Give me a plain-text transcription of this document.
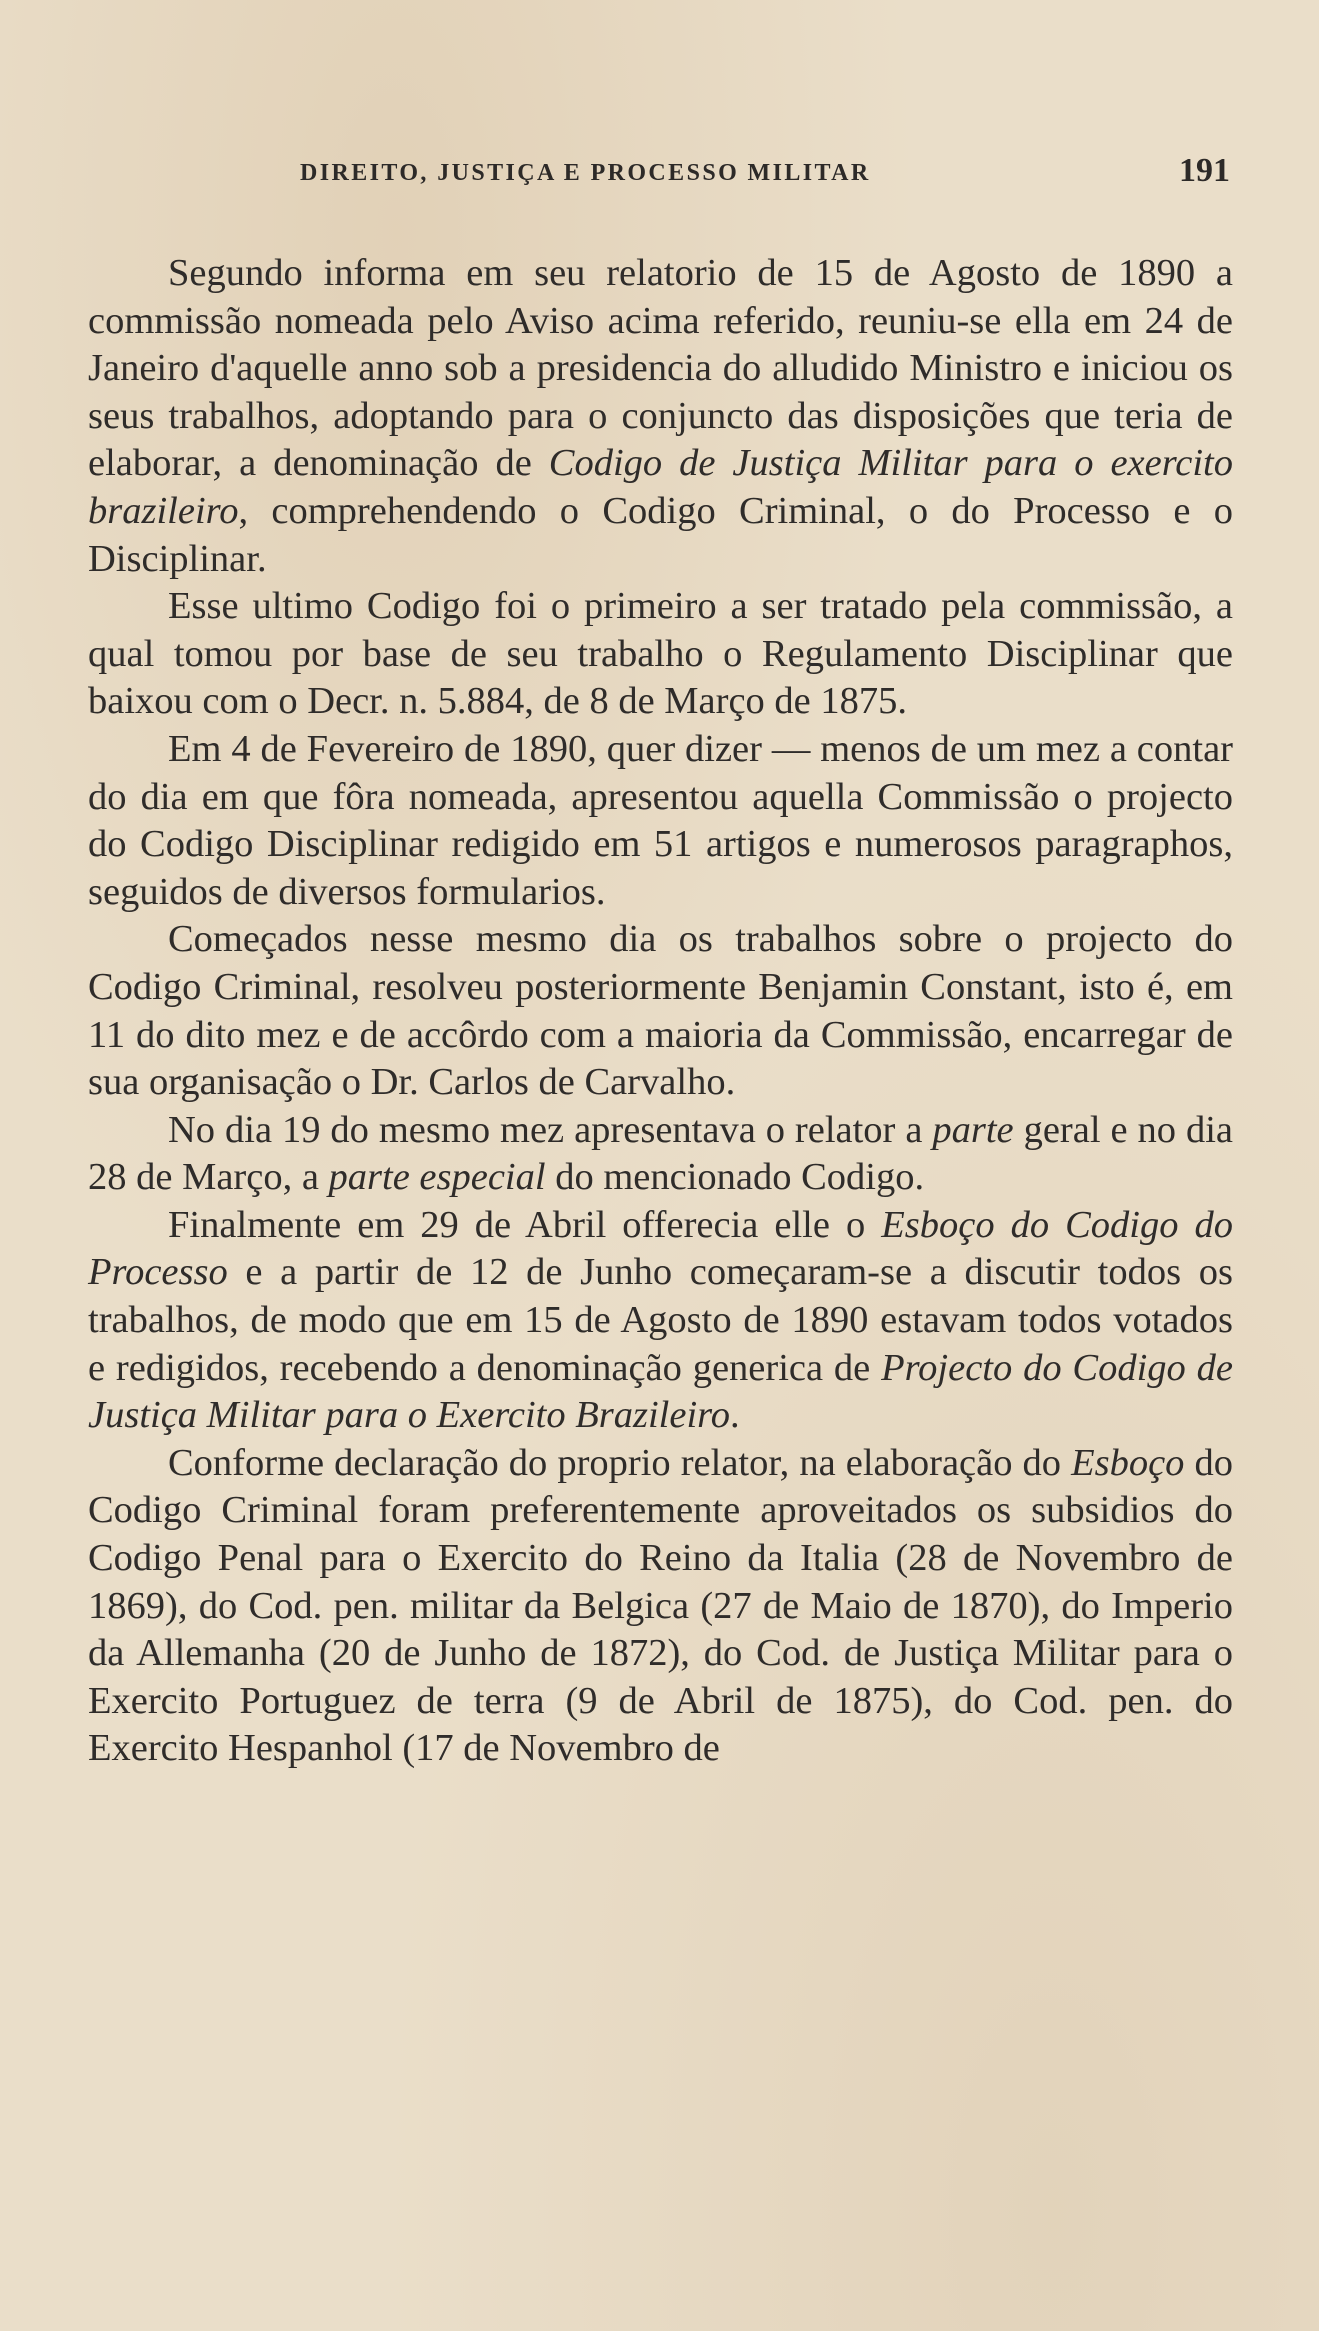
DIREITO, JUSTIÇA E PROCESSO MILITAR	191

Segundo informa em seu relatorio de 15 de Agosto de 1890 a commissão nomeada pelo Aviso acima referido, reuniu-se ella em 24 de Janeiro d'aquelle anno sob a presidencia do alludido Ministro e iniciou os seus trabalhos, adoptando para o conjuncto das disposições que teria de elaborar, a denominação de Codigo de Justiça Militar para o exercito brazileiro, comprehendendo o Codigo Criminal, o do Processo e o Disciplinar.

Esse ultimo Codigo foi o primeiro a ser tratado pela commissão, a qual tomou por base de seu trabalho o Regulamento Disciplinar que baixou com o Decr. n. 5.884, de 8 de Março de 1875.

Em 4 de Fevereiro de 1890, quer dizer — menos de um mez a contar do dia em que fôra nomeada, apresentou aquella Commissão o projecto do Codigo Disciplinar redigido em 51 artigos e numerosos paragraphos, seguidos de diversos formularios.

Começados nesse mesmo dia os trabalhos sobre o projecto do Codigo Criminal, resolveu posteriormente Benjamin Constant, isto é, em 11 do dito mez e de accôrdo com a maioria da Commissão, encarregar de sua organisação o Dr. Carlos de Carvalho.

No dia 19 do mesmo mez apresentava o relator a parte geral e no dia 28 de Março, a parte especial do mencionado Codigo.

Finalmente em 29 de Abril offerecia elle o Esboço do Codigo do Processo e a partir de 12 de Junho começaram-se a discutir todos os trabalhos, de modo que em 15 de Agosto de 1890 estavam todos votados e redigidos, recebendo a denominação generica de Projecto do Codigo de Justiça Militar para o Exercito Brazileiro.

Conforme declaração do proprio relator, na elaboração do Esboço do Codigo Criminal foram preferentemente aproveitados os subsidios do Codigo Penal para o Exercito do Reino da Italia (28 de Novembro de 1869), do Cod. pen. militar da Belgica (27 de Maio de 1870), do Imperio da Allemanha (20 de Junho de 1872), do Cod. de Justiça Militar para o Exercito Portuguez de terra (9 de Abril de 1875), do Cod. pen. do Exercito Hespanhol (17 de Novembro de
